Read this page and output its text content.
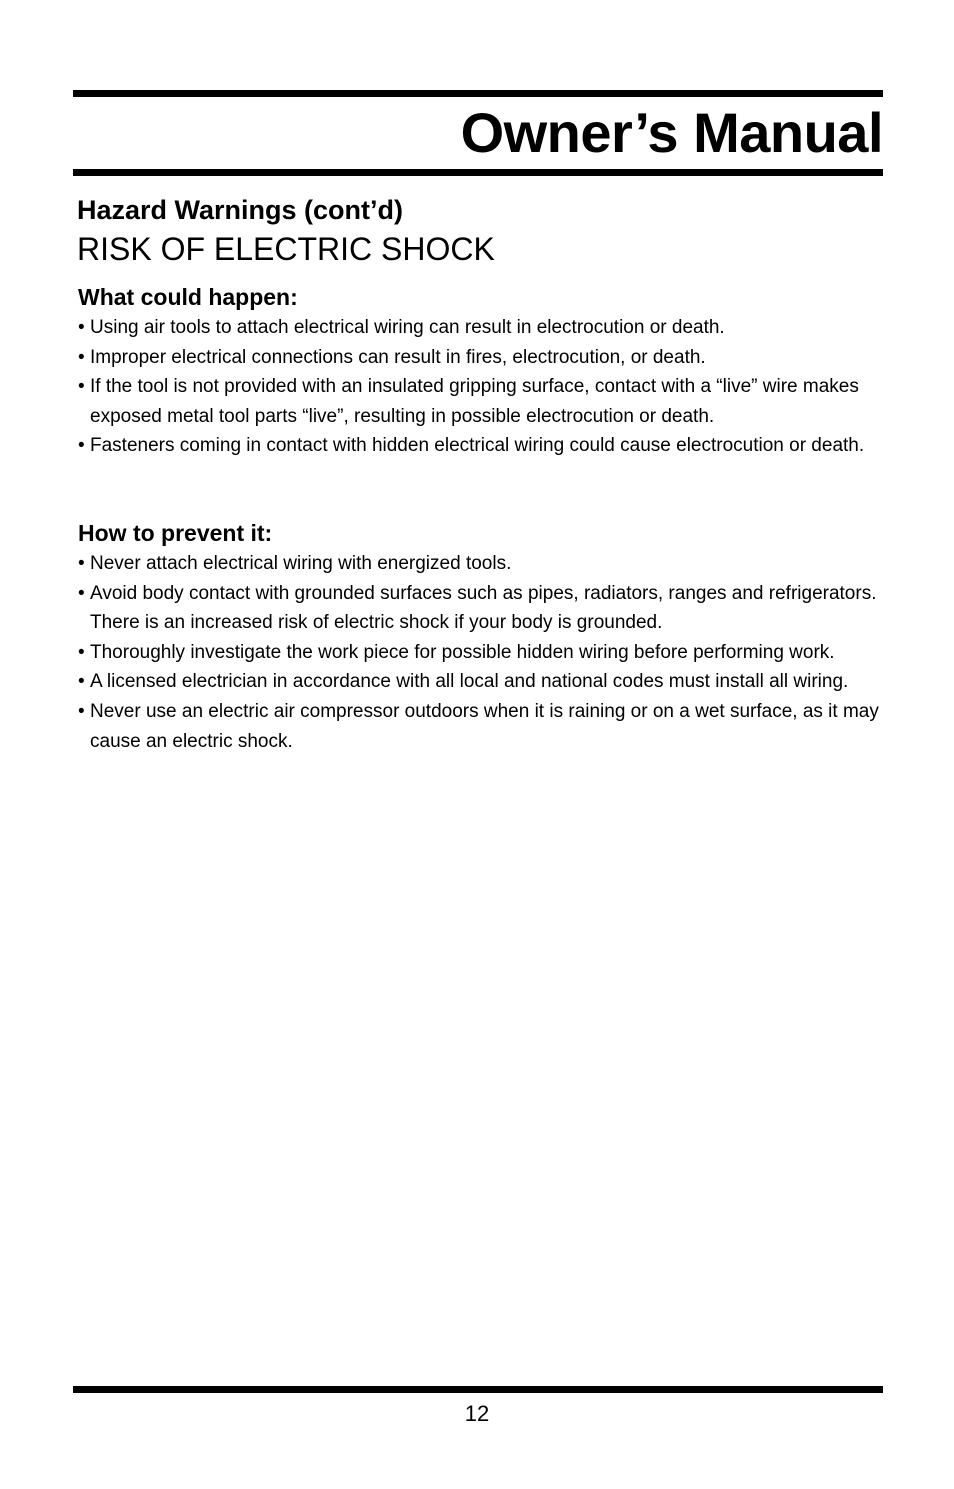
Owner’s Manual
Hazard Warnings (cont’d)
RISK OF ELECTRIC SHOCK
What could happen:
• Using air tools to attach electrical wiring can result in electrocution or death.
• Improper electrical connections can result in fires, electrocution, or death.
• If the tool is not provided with an insulated gripping surface, contact with a “live” wire makes exposed metal tool parts “live”, resulting in possible electrocution or death.
• Fasteners coming in contact with hidden electrical wiring could cause electrocution or death.
How to prevent it:
• Never attach electrical wiring with energized tools.
• Avoid body contact with grounded surfaces such as pipes, radiators, ranges and refrigerators. There is an increased risk of electric shock if your body is grounded.
• Thoroughly investigate the work piece for possible hidden wiring before performing work.
• A licensed electrician in accordance with all local and national codes must install all wiring.
• Never use an electric air compressor outdoors when it is raining or on a wet surface, as it may cause an electric shock.
12
